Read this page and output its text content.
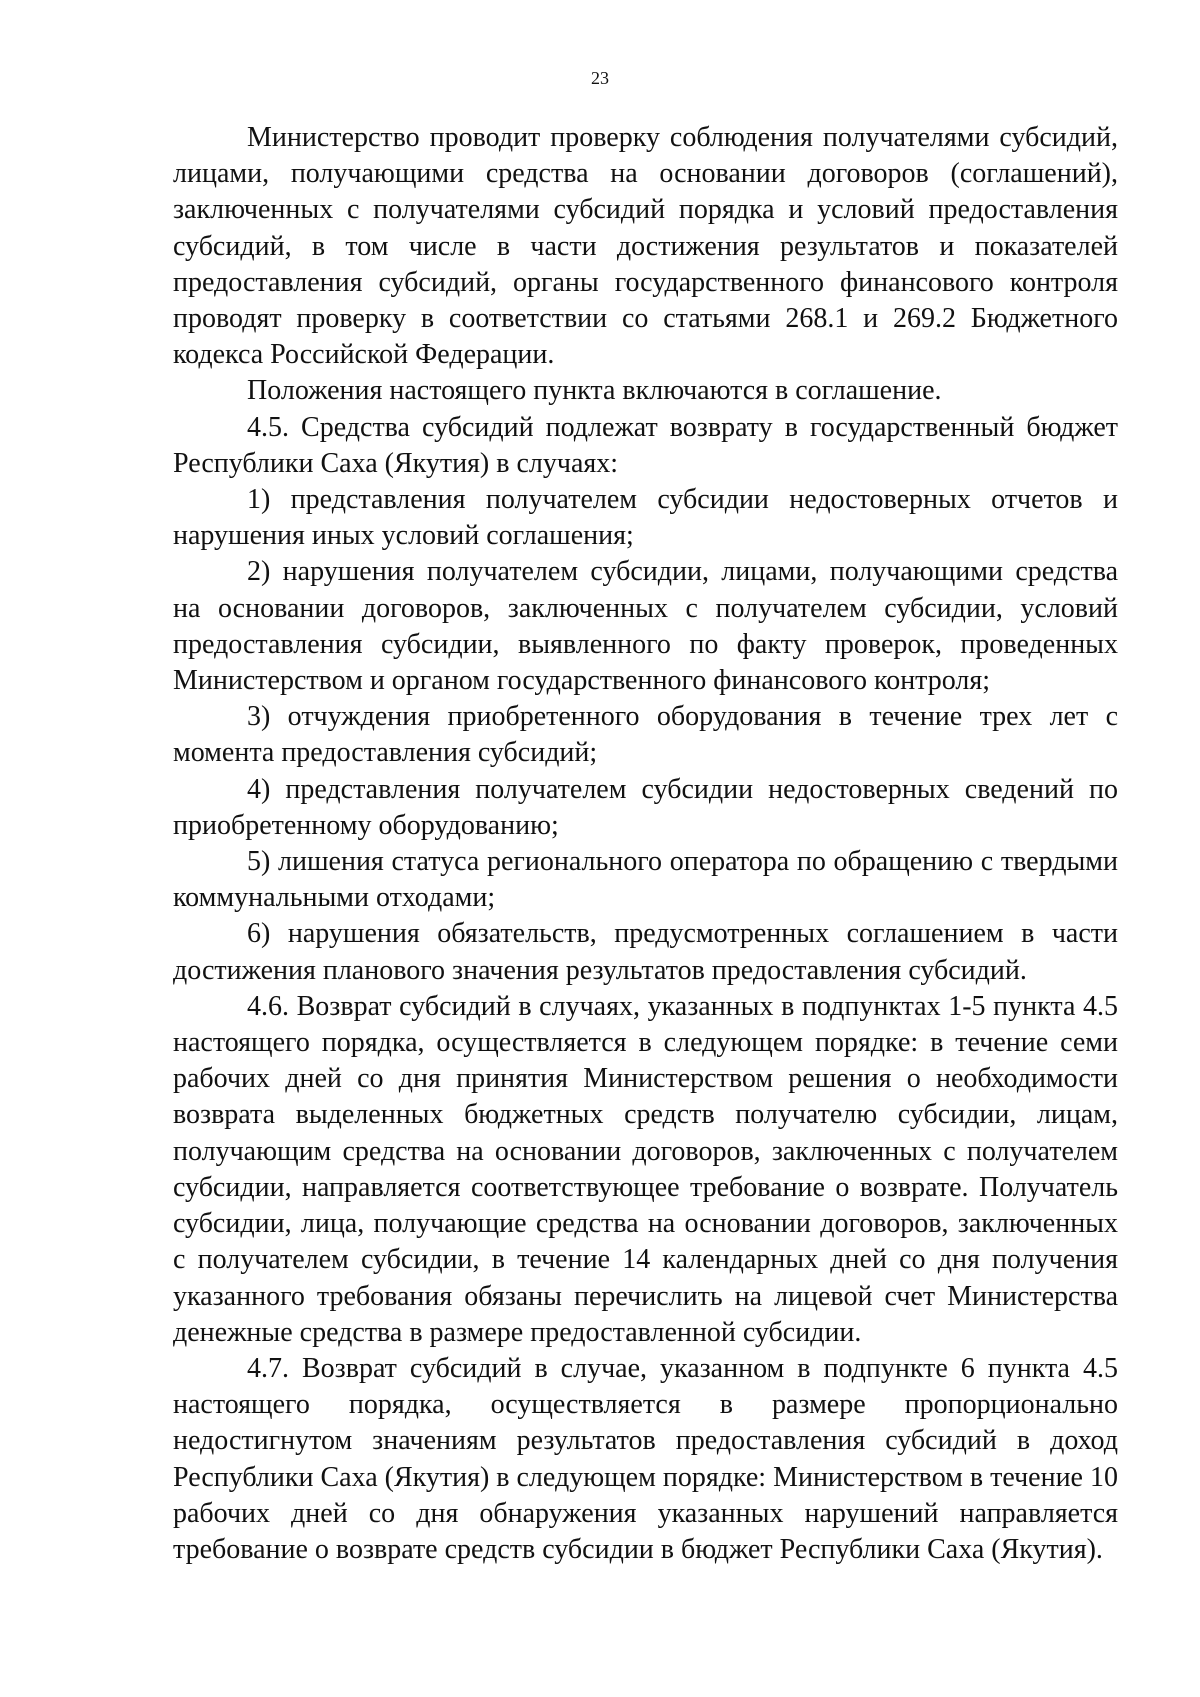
23

Министерство проводит проверку соблюдения получателями субсидий, лицами, получающими средства на основании договоров (соглашений), заключенных с получателями субсидий порядка и условий предоставления субсидий, в том числе в части достижения результатов и показателей предоставления субсидий, органы государственного финансового контроля проводят проверку в соответствии со статьями 268.1 и 269.2 Бюджетного кодекса Российской Федерации.

Положения настоящего пункта включаются в соглашение.

4.5. Средства субсидий подлежат возврату в государственный бюджет Республики Саха (Якутия) в случаях:

1) представления получателем субсидии недостоверных отчетов и нарушения иных условий соглашения;

2) нарушения получателем субсидии, лицами, получающими средства на основании договоров, заключенных с получателем субсидии, условий предоставления субсидии, выявленного по факту проверок, проведенных Министерством и органом государственного финансового контроля;

3) отчуждения приобретенного оборудования в течение трех лет с момента предоставления субсидий;

4) представления получателем субсидии недостоверных сведений по приобретенному оборудованию;

5) лишения статуса регионального оператора по обращению с твердыми коммунальными отходами;

6) нарушения обязательств, предусмотренных соглашением в части достижения планового значения результатов предоставления субсидий.

4.6. Возврат субсидий в случаях, указанных в подпунктах 1-5 пункта 4.5 настоящего порядка, осуществляется в следующем порядке: в течение семи рабочих дней со дня принятия Министерством решения о необходимости возврата выделенных бюджетных средств получателю субсидии, лицам, получающим средства на основании договоров, заключенных с получателем субсидии, направляется соответствующее требование о возврате. Получатель субсидии, лица, получающие средства на основании договоров, заключенных с получателем субсидии, в течение 14 календарных дней со дня получения указанного требования обязаны перечислить на лицевой счет Министерства денежные средства в размере предоставленной субсидии.

4.7. Возврат субсидий в случае, указанном в подпункте 6 пункта 4.5 настоящего порядка, осуществляется в размере пропорционально недостигнутом значениям результатов предоставления субсидий в доход Республики Саха (Якутия) в следующем порядке: Министерством в течение 10 рабочих дней со дня обнаружения указанных нарушений направляется требование о возврате средств субсидии в бюджет Республики Саха (Якутия).
